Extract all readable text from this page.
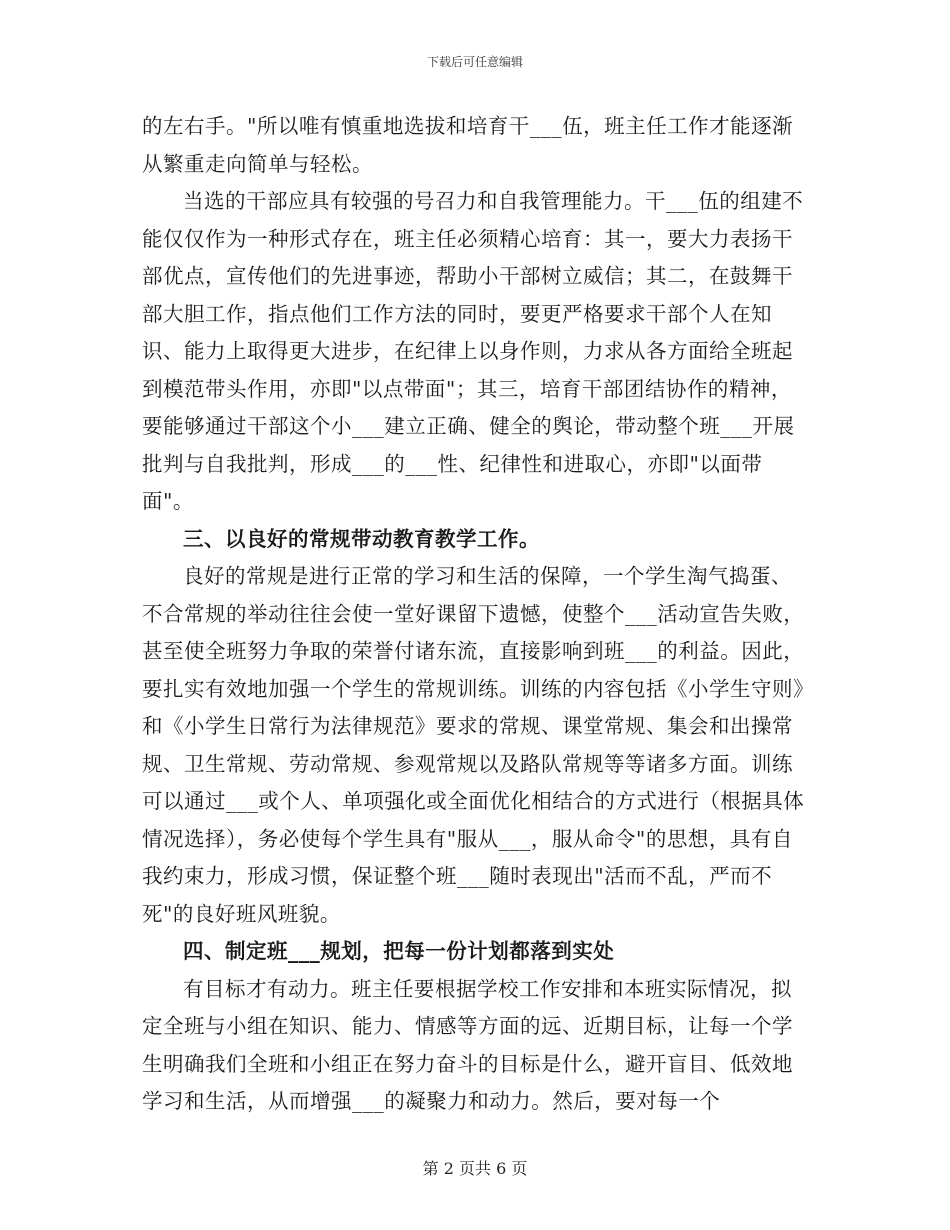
下载后可任意编辑

的左右手。"所以唯有慎重地选拔和培育干___伍，班主任工作才能逐渐从繁重走向简单与轻松。

当选的干部应具有较强的号召力和自我管理能力。干___伍的组建不能仅仅作为一种形式存在，班主任必须精心培育：其一，要大力表扬干部优点，宣传他们的先进事迹，帮助小干部树立威信；其二，在鼓舞干部大胆工作，指点他们工作方法的同时，要更严格要求干部个人在知识、能力上取得更大进步，在纪律上以身作则，力求从各方面给全班起到模范带头作用，亦即"以点带面"；其三，培育干部团结协作的精神，要能够通过干部这个小___建立正确、健全的舆论，带动整个班___开展批判与自我批判，形成___的___性、纪律性和进取心，亦即"以面带面"。

三、以良好的常规带动教育教学工作。

良好的常规是进行正常的学习和生活的保障，一个学生淘气捣蛋、不合常规的举动往往会使一堂好课留下遗憾，使整个___活动宣告失败，甚至使全班努力争取的荣誉付诸东流，直接影响到班___的利益。因此，要扎实有效地加强一个学生的常规训练。训练的内容包括《小学生守则》和《小学生日常行为法律规范》要求的常规、课堂常规、集会和出操常规、卫生常规、劳动常规、参观常规以及路队常规等等诸多方面。训练可以通过___或个人、单项强化或全面优化相结合的方式进行（根据具体情况选择），务必使每个学生具有"服从___，服从命令"的思想，具有自我约束力，形成习惯，保证整个班___随时表现出"活而不乱，严而不死"的良好班风班貌。

四、制定班___规划，把每一份计划都落到实处

有目标才有动力。班主任要根据学校工作安排和本班实际情况，拟定全班与小组在知识、能力、情感等方面的远、近期目标，让每一个学生明确我们全班和小组正在努力奋斗的目标是什么，避开盲目、低效地学习和生活，从而增强___的凝聚力和动力。然后，要对每一个

第 2 页共 6 页
